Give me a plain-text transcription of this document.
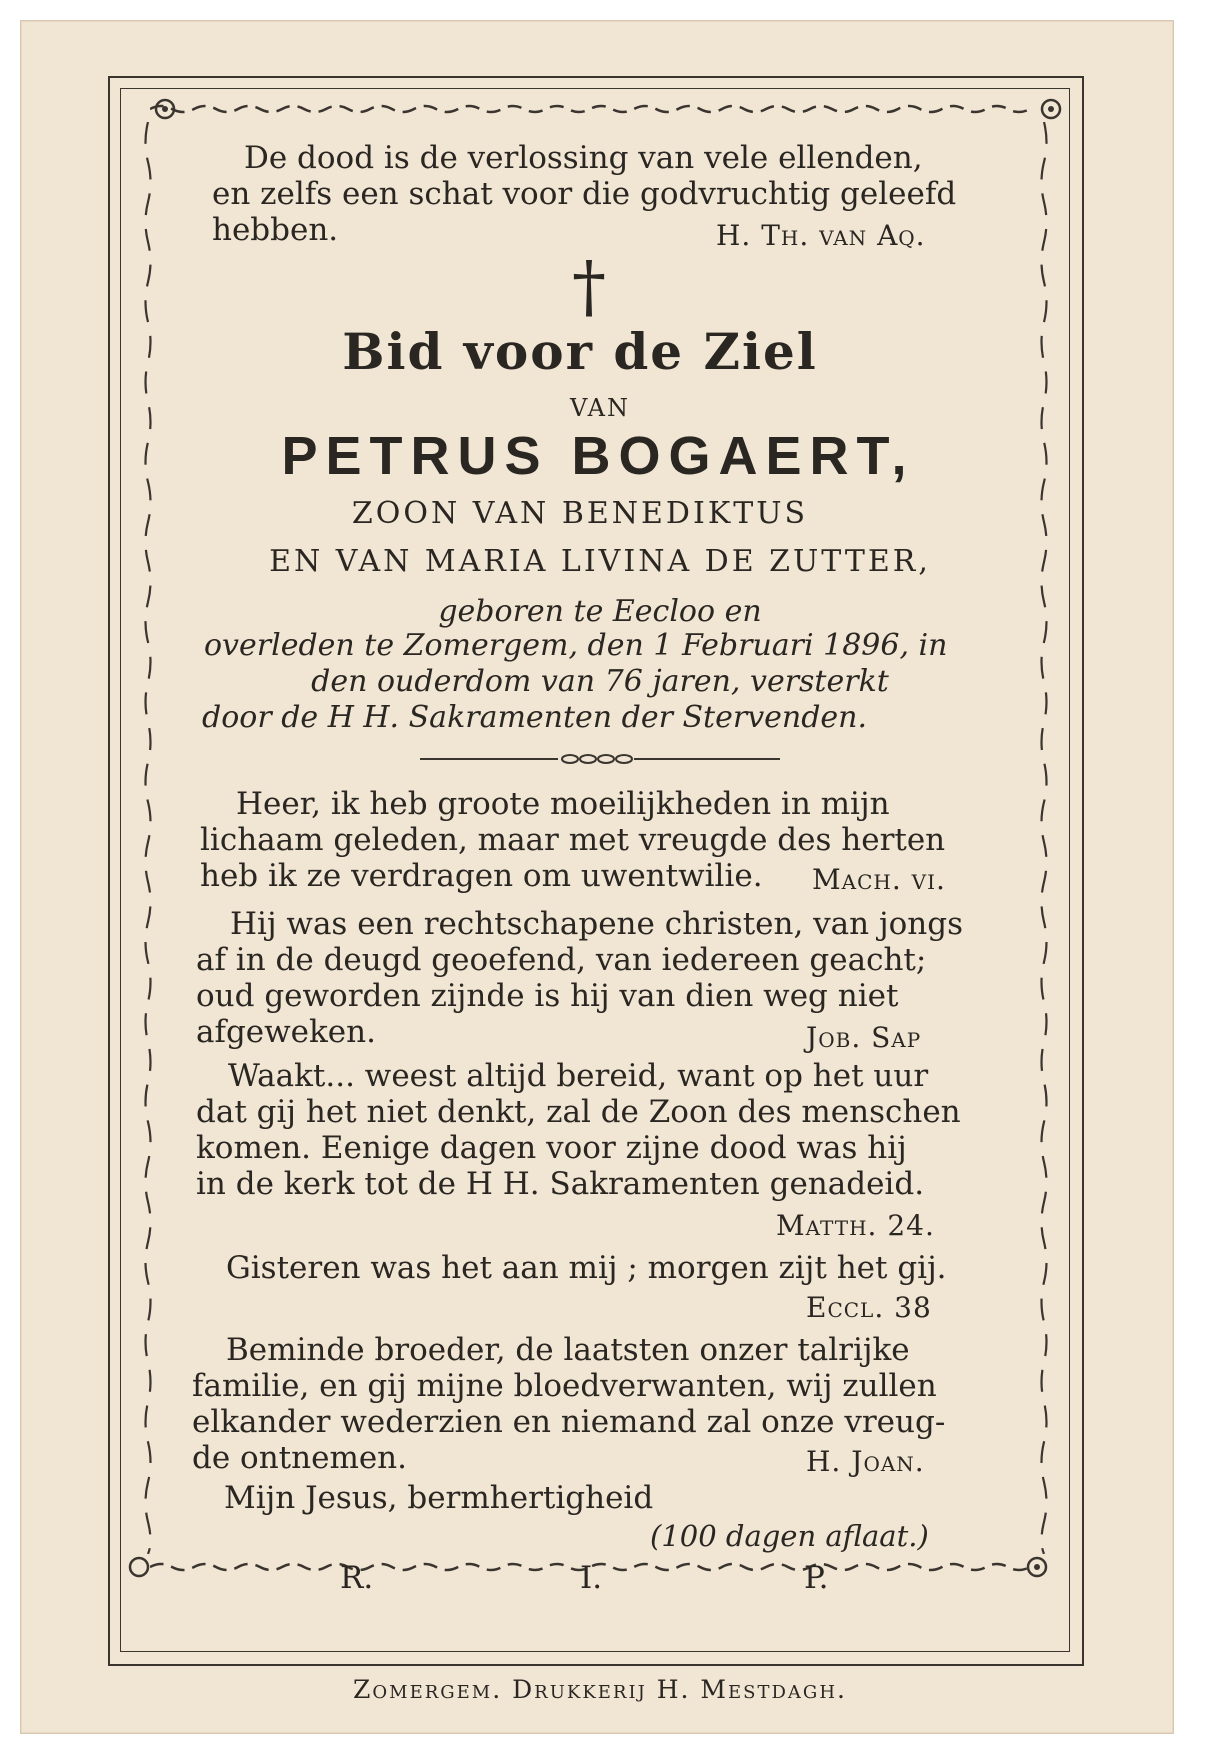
De dood is de verlossing van vele ellenden,
en zelfs een schat voor die godvruchtig geleefd
hebben.	H. Th. van Aq.
†
Bid voor de Ziel
VAN
PETRUS BOGAERT,
ZOON VAN BENEDIKTUS
EN VAN MARIA LIVINA DE ZUTTER,
geboren te Eecloo en
overleden te Zomergem, den 1 Februari 1896, in
den ouderdom van 76 jaren, versterkt
door de H H. Sakramenten der Stervenden.
Heer, ik heb groote moeilijkheden in mijn
lichaam geleden, maar met vreugde des herten
heb ik ze verdragen om uwentwilie. Mach. vi.
Hij was een rechtschapene christen, van jongs
af in de deugd geoefend, van iedereen geacht;
oud geworden zijnde is hij van dien weg niet
afgeweken.	Job. Sap
Waakt... weest altijd bereid, want op het uur
dat gij het niet denkt, zal de Zoon des menschen
komen. Eenige dagen voor zijne dood was hij
in de kerk tot de H H. Sakramenten genadeid.
Matth. 24.
Gisteren was het aan mij ; morgen zijt het gij.
Eccl. 38
Beminde broeder, de laatsten onzer talrijke
familie, en gij mijne bloedverwanten, wij zullen
elkander wederzien en niemand zal onze vreug-
de ontnemen.	H. Joan.
Mijn Jesus, bermhertigheid
(100 dagen aflaat.)
R.	I.	P.
Zomergem. Drukkerij H. Mestdagh.
